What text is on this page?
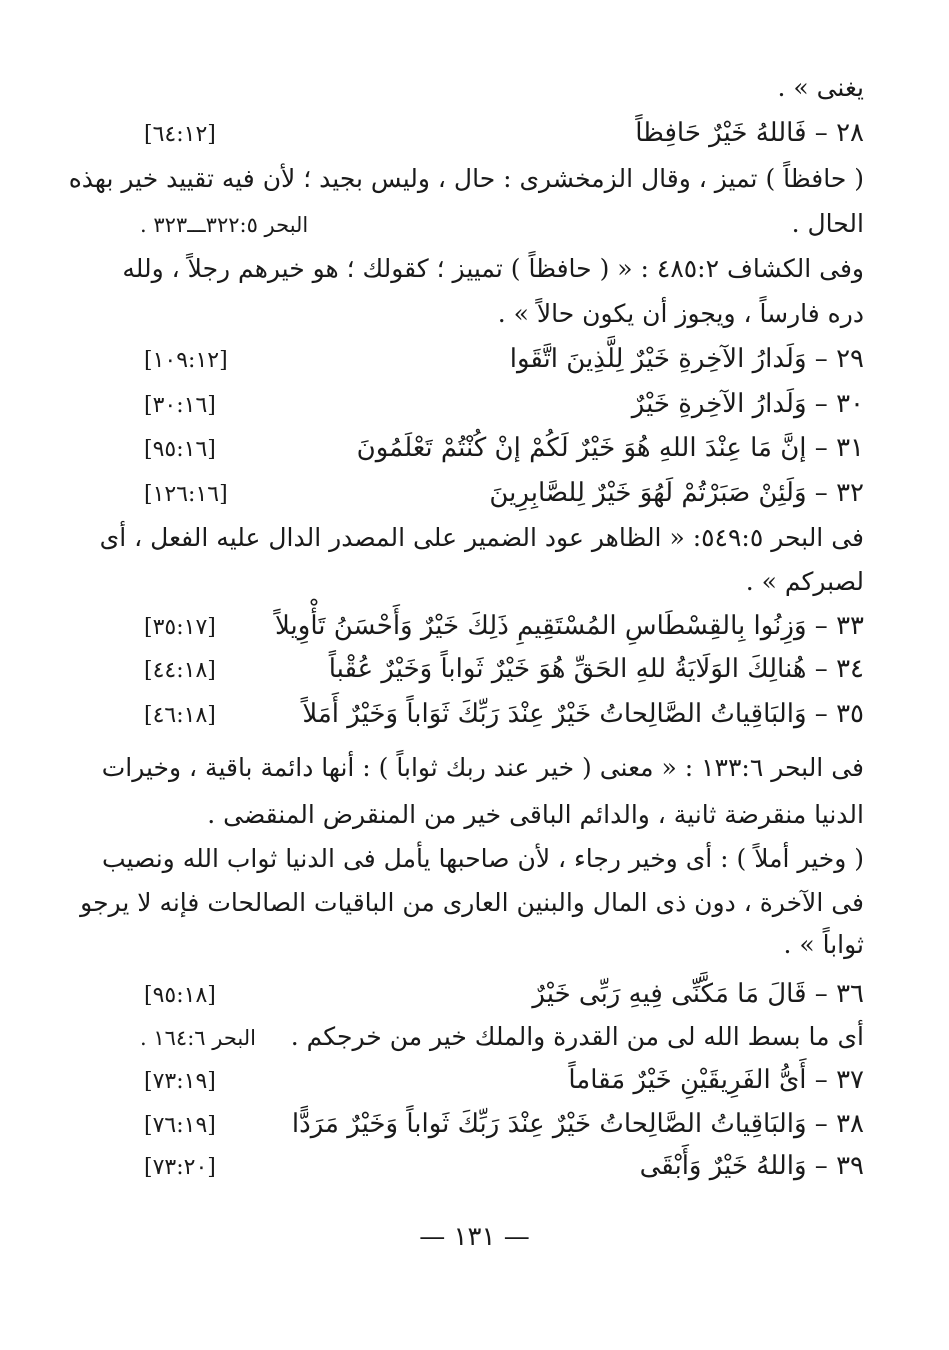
يغنى » .
٢٨ – فَاللهُ خَيْرٌ حَافِظاً
[٦٤:١٢]
( حافظاً ) تميز ، وقال الزمخشرى : حال ، وليس بجيد ؛ لأن فيه تقييد خير بهذه
الحال .
البحر ٣٢٢:٥ـــ٣٢٣ .
وفى الكشاف ٤٨٥:٢ : « ( حافظاً ) تمييز ؛ كقولك ؛ هو خيرهم رجلاً ، ولله
دره فارساً ، ويجوز أن يكون حالاً » .
٢٩ – وَلَدارُ الآخِرةِ خَيْرٌ لِلَّذِينَ اتَّقَوا
[١٠٩:١٢]
٣٠ – وَلَدارُ الآخِرةِ خَيْرٌ
[٣٠:١٦]
٣١ – إنَّ مَا عِنْدَ اللهِ هُوَ خَيْرٌ لَكُمْ إنْ كُنْتُمْ تَعْلَمُونَ
[٩٥:١٦]
٣٢ – وَلَئِنْ صَبَرْتُمْ لَهُوَ خَيْرٌ لِلصَّابِرِينَ
[١٢٦:١٦]
فى البحر ٥٤٩:٥: « الظاهر عود الضمير على المصدر الدال عليه الفعل ، أى
لصبركم » .
٣٣ – وَزِنُوا بِالقِسْطَاسِ المُسْتَقِيمِ ذَلِكَ خَيْرٌ وَأَحْسَنُ تَأْوِيلاً
[٣٥:١٧]
٣٤ – هُنالِكَ الوَلَايَةُ للهِ الحَقِّ هُوَ خَيْرٌ ثَواباً وَخَيْرٌ عُقْباً
[٤٤:١٨]
٣٥ – وَالبَاقِياتُ الصَّالِحاتُ خَيْرٌ عِنْدَ رَبِّكَ ثَوَاباً وَخَيْرٌ أَمَلاً
[٤٦:١٨]
فى البحر ١٣٣:٦ : « معنى ( خير عند ربك ثواباً ) : أنها دائمة باقية ، وخيرات
الدنيا منقرضة ثانية ، والدائم الباقى خير من المنقرض المنقضى .
( وخير أملاً ) : أى وخير رجاء ، لأن صاحبها يأمل فى الدنيا ثواب الله ونصيب
فى الآخرة ، دون ذى المال والبنين العارى من الباقيات الصالحات فإنه لا يرجو
ثواباً » .
٣٦ – قَالَ مَا مَكَّنِّى فِيهِ رَبِّى خَيْرٌ
[٩٥:١٨]
أى ما بسط الله لى من القدرة والملك خير من خرجكم .
البحر ١٦٤:٦ .
٣٧ – أَىُّ الفَرِيقَيْنِ خَيْرٌ مَقاماً
[٧٣:١٩]
٣٨ – وَالبَاقِياتُ الصَّالِحاتُ خَيْرٌ عِنْدَ رَبِّكَ ثَواباً وَخَيْرٌ مَرَدًّا
[٧٦:١٩]
٣٩ – وَاللهُ خَيْرٌ وَأَبْقَى
[٧٣:٢٠]
— ١٣١ —
